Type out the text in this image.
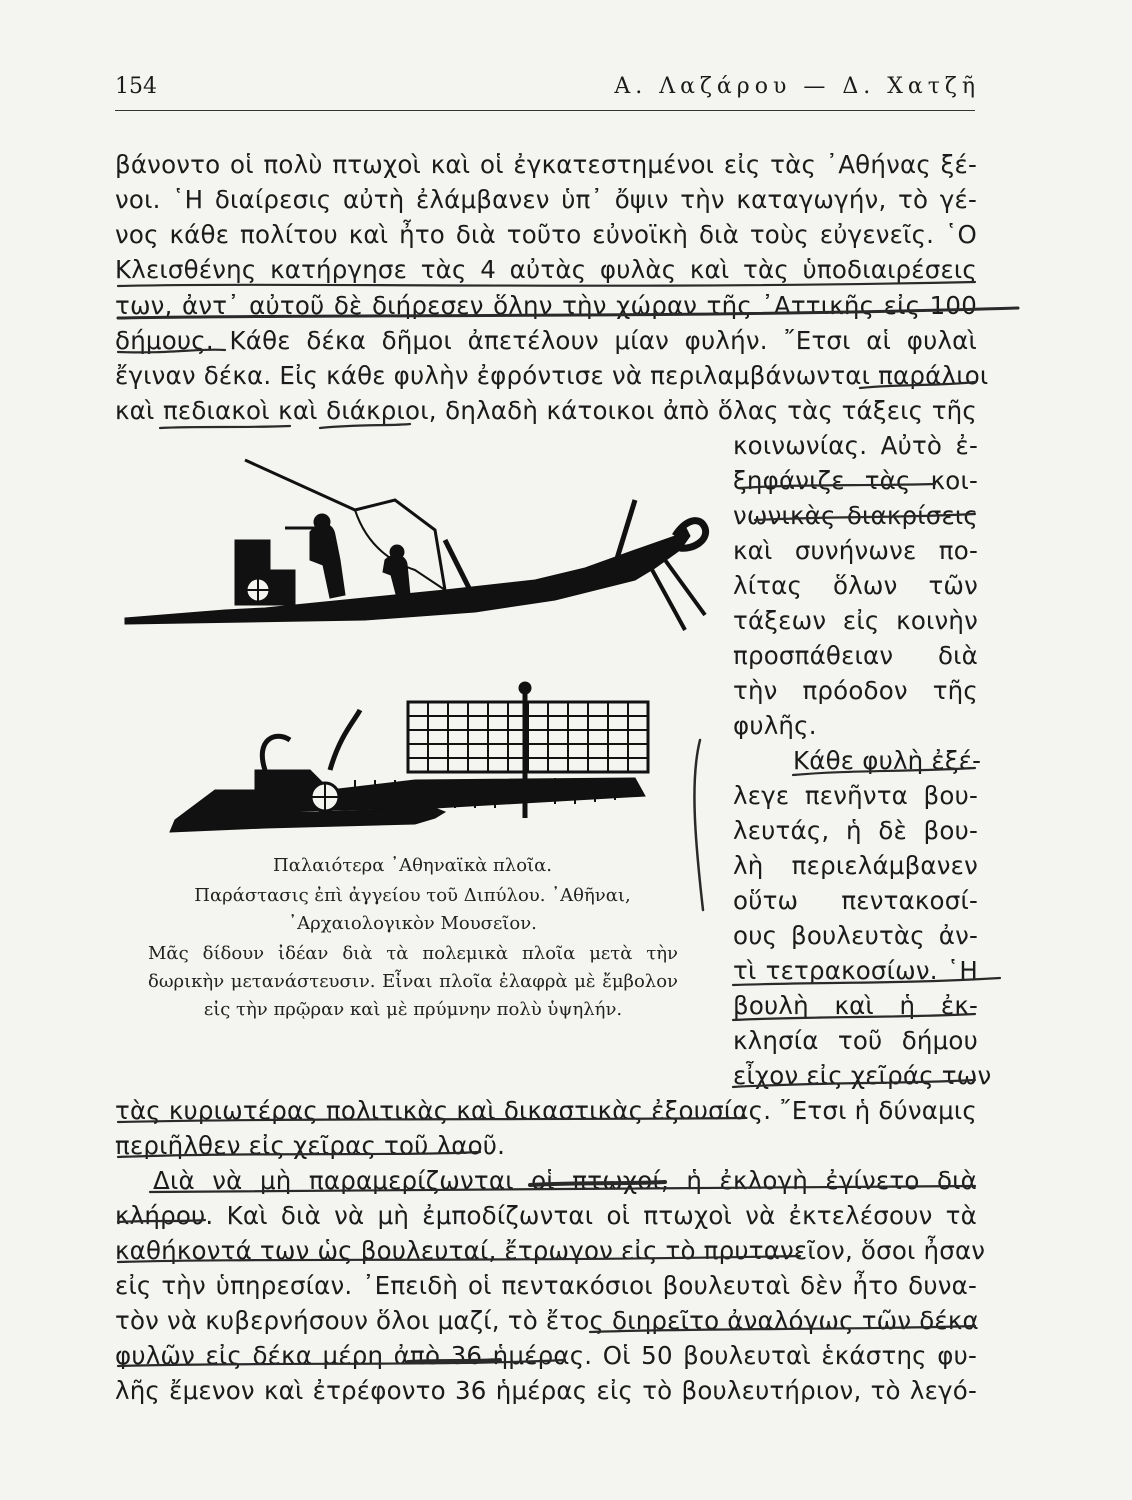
154	Α. Λαζάρου — Δ. Χατζῆ
βάνοντο οἱ πολὺ πτωχοὶ καὶ οἱ ἐγκατεστημένοι εἰς τὰς ᾿Αθήνας ξέ-
νοι. ῾Η διαίρεσις αὐτὴ ἐλάμβανεν ὑπ᾿ ὄψιν τὴν καταγωγήν, τὸ γέ-
νος κάθε πολίτου καὶ ἦτο διὰ τοῦτο εὐνοϊκὴ διὰ τοὺς εὐγενεῖς. ῾Ο
Κλεισθένης κατήργησε τὰς 4 αὐτὰς φυλὰς καὶ τὰς ὑποδιαιρέσεις
των, ἀντ᾿ αὐτοῦ δὲ διήρεσεν ὅλην τὴν χώραν τῆς ᾿Αττικῆς εἰς 100
δήμους. Κάθε δέκα δῆμοι ἀπετέλουν μίαν φυλήν. ῎Ετσι αἱ φυλαὶ
ἔγιναν δέκα. Εἰς κάθε φυλὴν ἐφρόντισε νὰ περιλαμβάνωνται παράλιοι
καὶ πεδιακοὶ καὶ διάκριοι, δηλαδὴ κάτοικοι ἀπὸ ὅλας τὰς τάξεις τῆς
κοινωνίας. Αὐτὸ ἐ-
ξηφάνιζε τὰς κοι-
νωνικὰς διακρίσεις
καὶ συνήνωνε πο-
λίτας ὅλων τῶν
τάξεων εἰς κοινὴν
προσπάθειαν διὰ
τὴν πρόοδον τῆς
φυλῆς.
Κάθε φυλὴ ἐξέ-
λεγε πενῆντα βου-
λευτάς, ἡ δὲ βου-
λὴ περιελάμβανεν
οὕτω πεντακοσί-
ους βουλευτὰς ἀν-
τὶ τετρακοσίων. ῾Η
βουλὴ καὶ ἡ ἐκ-
κλησία τοῦ δήμου
εἶχον εἰς χεῖράς των
τὰς κυριωτέρας πολιτικὰς καὶ δικαστικὰς ἐξουσίας. ῎Ετσι ἡ δύναμις
περιῆλθεν εἰς χεῖρας τοῦ λαοῦ.
Διὰ νὰ μὴ παραμερίζωνται οἱ πτωχοί, ἡ ἐκλογὴ ἐγίνετο διὰ
κλήρου. Καὶ διὰ νὰ μὴ ἐμποδίζωνται οἱ πτωχοὶ νὰ ἐκτελέσουν τὰ
καθήκοντά των ὡς βουλευταί, ἔτρωγον εἰς τὸ πρυτανεῖον, ὅσοι ἦσαν
εἰς τὴν ὑπηρεσίαν. ᾿Επειδὴ οἱ πεντακόσιοι βουλευταὶ δὲν ἦτο δυνα-
τὸν νὰ κυβερνήσουν ὅλοι μαζί, τὸ ἔτος διηρεῖτο ἀναλόγως τῶν δέκα
φυλῶν εἰς δέκα μέρη ἀπὸ 36 ἡμέρας. Οἱ 50 βουλευταὶ ἑκάστης φυ-
λῆς ἔμενον καὶ ἐτρέφοντο 36 ἡμέρας εἰς τὸ βουλευτήριον, τὸ λεγό-
Παλαιότερα ᾿Αθηναϊκὰ πλοῖα.
Παράστασις ἐπὶ ἀγγείου τοῦ Διπύλου. ᾿Αθῆναι,
᾿Αρχαιολογικὸν Μουσεῖον.
Μᾶς δίδουν ἰδέαν διὰ τὰ πολεμικὰ πλοῖα μετὰ τὴν δωρικὴν μετανάστευσιν. Εἶναι πλοῖα ἐλαφρὰ μὲ ἔμβολον εἰς τὴν πρῷραν καὶ μὲ πρύμνην πολὺ ὑψηλήν.
